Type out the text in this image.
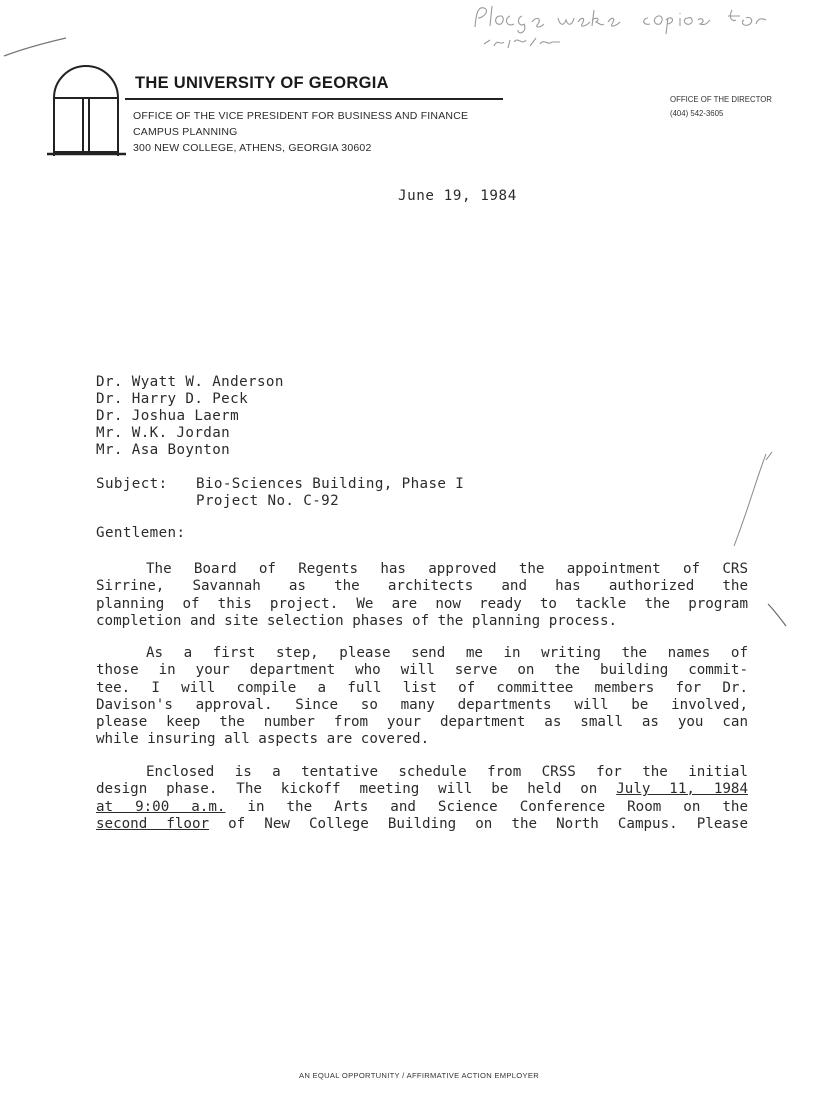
THE UNIVERSITY OF GEORGIA
OFFICE OF THE VICE PRESIDENT FOR BUSINESS AND FINANCE
CAMPUS PLANNING
300 NEW COLLEGE, ATHENS, GEORGIA 30602
OFFICE OF THE DIRECTOR
(404) 542-3605
June 19, 1984
Dr. Wyatt W. Anderson
Dr. Harry D. Peck
Dr. Joshua Laerm
Mr. W.K. Jordan
Mr. Asa Boynton
Subject: Bio-Sciences Building, Phase I
Project No. C-92
Gentlemen:
The Board of Regents has approved the appointment of CRS
Sirrine, Savannah as the architects and has authorized the
planning of this project. We are now ready to tackle the program
completion and site selection phases of the planning process.
As a first step, please send me in writing the names of
those in your department who will serve on the building commit-
tee. I will compile a full list of committee members for Dr.
Davison's approval. Since so many departments will be involved,
please keep the number from your department as small as you can
while insuring all aspects are covered.
Enclosed is a tentative schedule from CRSS for the initial
design phase. The kickoff meeting will be held on July 11, 1984
at 9:00 a.m. in the Arts and Science Conference Room on the
second floor of New College Building on the North Campus. Please
AN EQUAL OPPORTUNITY / AFFIRMATIVE ACTION EMPLOYER
